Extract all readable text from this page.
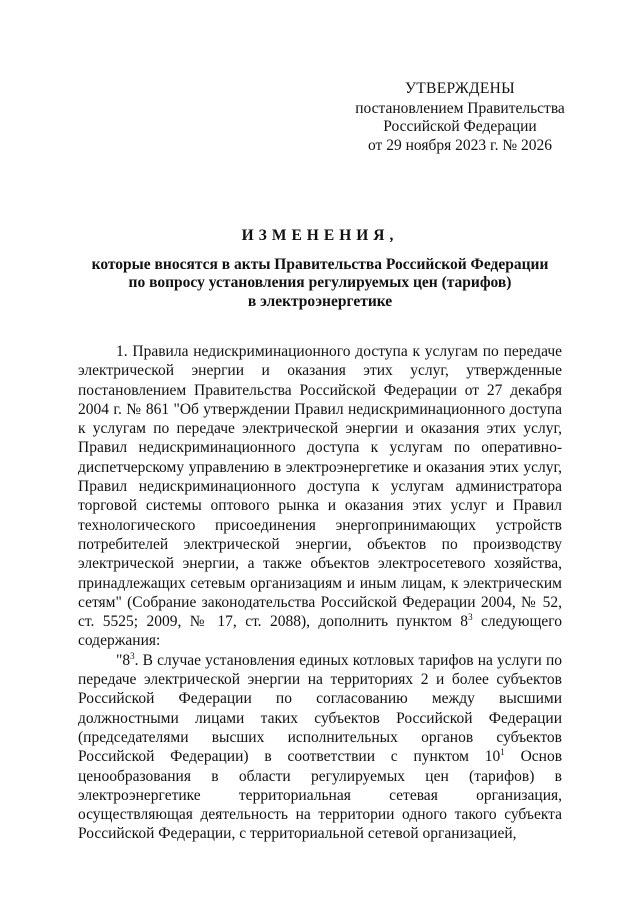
УТВЕРЖДЕНЫ
постановлением Правительства
Российской Федерации
от 29 ноября 2023 г. № 2026
ИЗМЕНЕНИЯ,
которые вносятся в акты Правительства Российской Федерации
по вопросу установления регулируемых цен (тарифов)
в электроэнергетике

1. Правила недискриминационного доступа к услугам по передаче электрической энергии и оказания этих услуг, утвержденные постановлением Правительства Российской Федерации от 27 декабря 2004 г. № 861 "Об утверждении Правил недискриминационного доступа к услугам по передаче электрической энергии и оказания этих услуг, Правил недискриминационного доступа к услугам по оперативно-диспетчерскому управлению в электроэнергетике и оказания этих услуг, Правил недискриминационного доступа к услугам администратора торговой системы оптового рынка и оказания этих услуг и Правил технологического присоединения энергопринимающих устройств потребителей электрической энергии, объектов по производству электрической энергии, а также объектов электросетевого хозяйства, принадлежащих сетевым организациям и иным лицам, к электрическим сетям" (Собрание законодательства Российской Федерации 2004, № 52, ст. 5525; 2009, № 17, ст. 2088), дополнить пунктом $8^3$ следующего содержания:

"$8^3$. В случае установления единых котловых тарифов на услуги по передаче электрической энергии на территориях 2 и более субъектов Российской Федерации по согласованию между высшими должностными лицами таких субъектов Российской Федерации (председателями высших исполнительных органов субъектов Российской Федерации) в соответствии с пунктом $10^1$ Основ ценообразования в области регулируемых цен (тарифов) в электроэнергетике территориальная сетевая организация, осуществляющая деятельность на территории одного такого субъекта Российской Федерации, с территориальной сетевой организацией,
